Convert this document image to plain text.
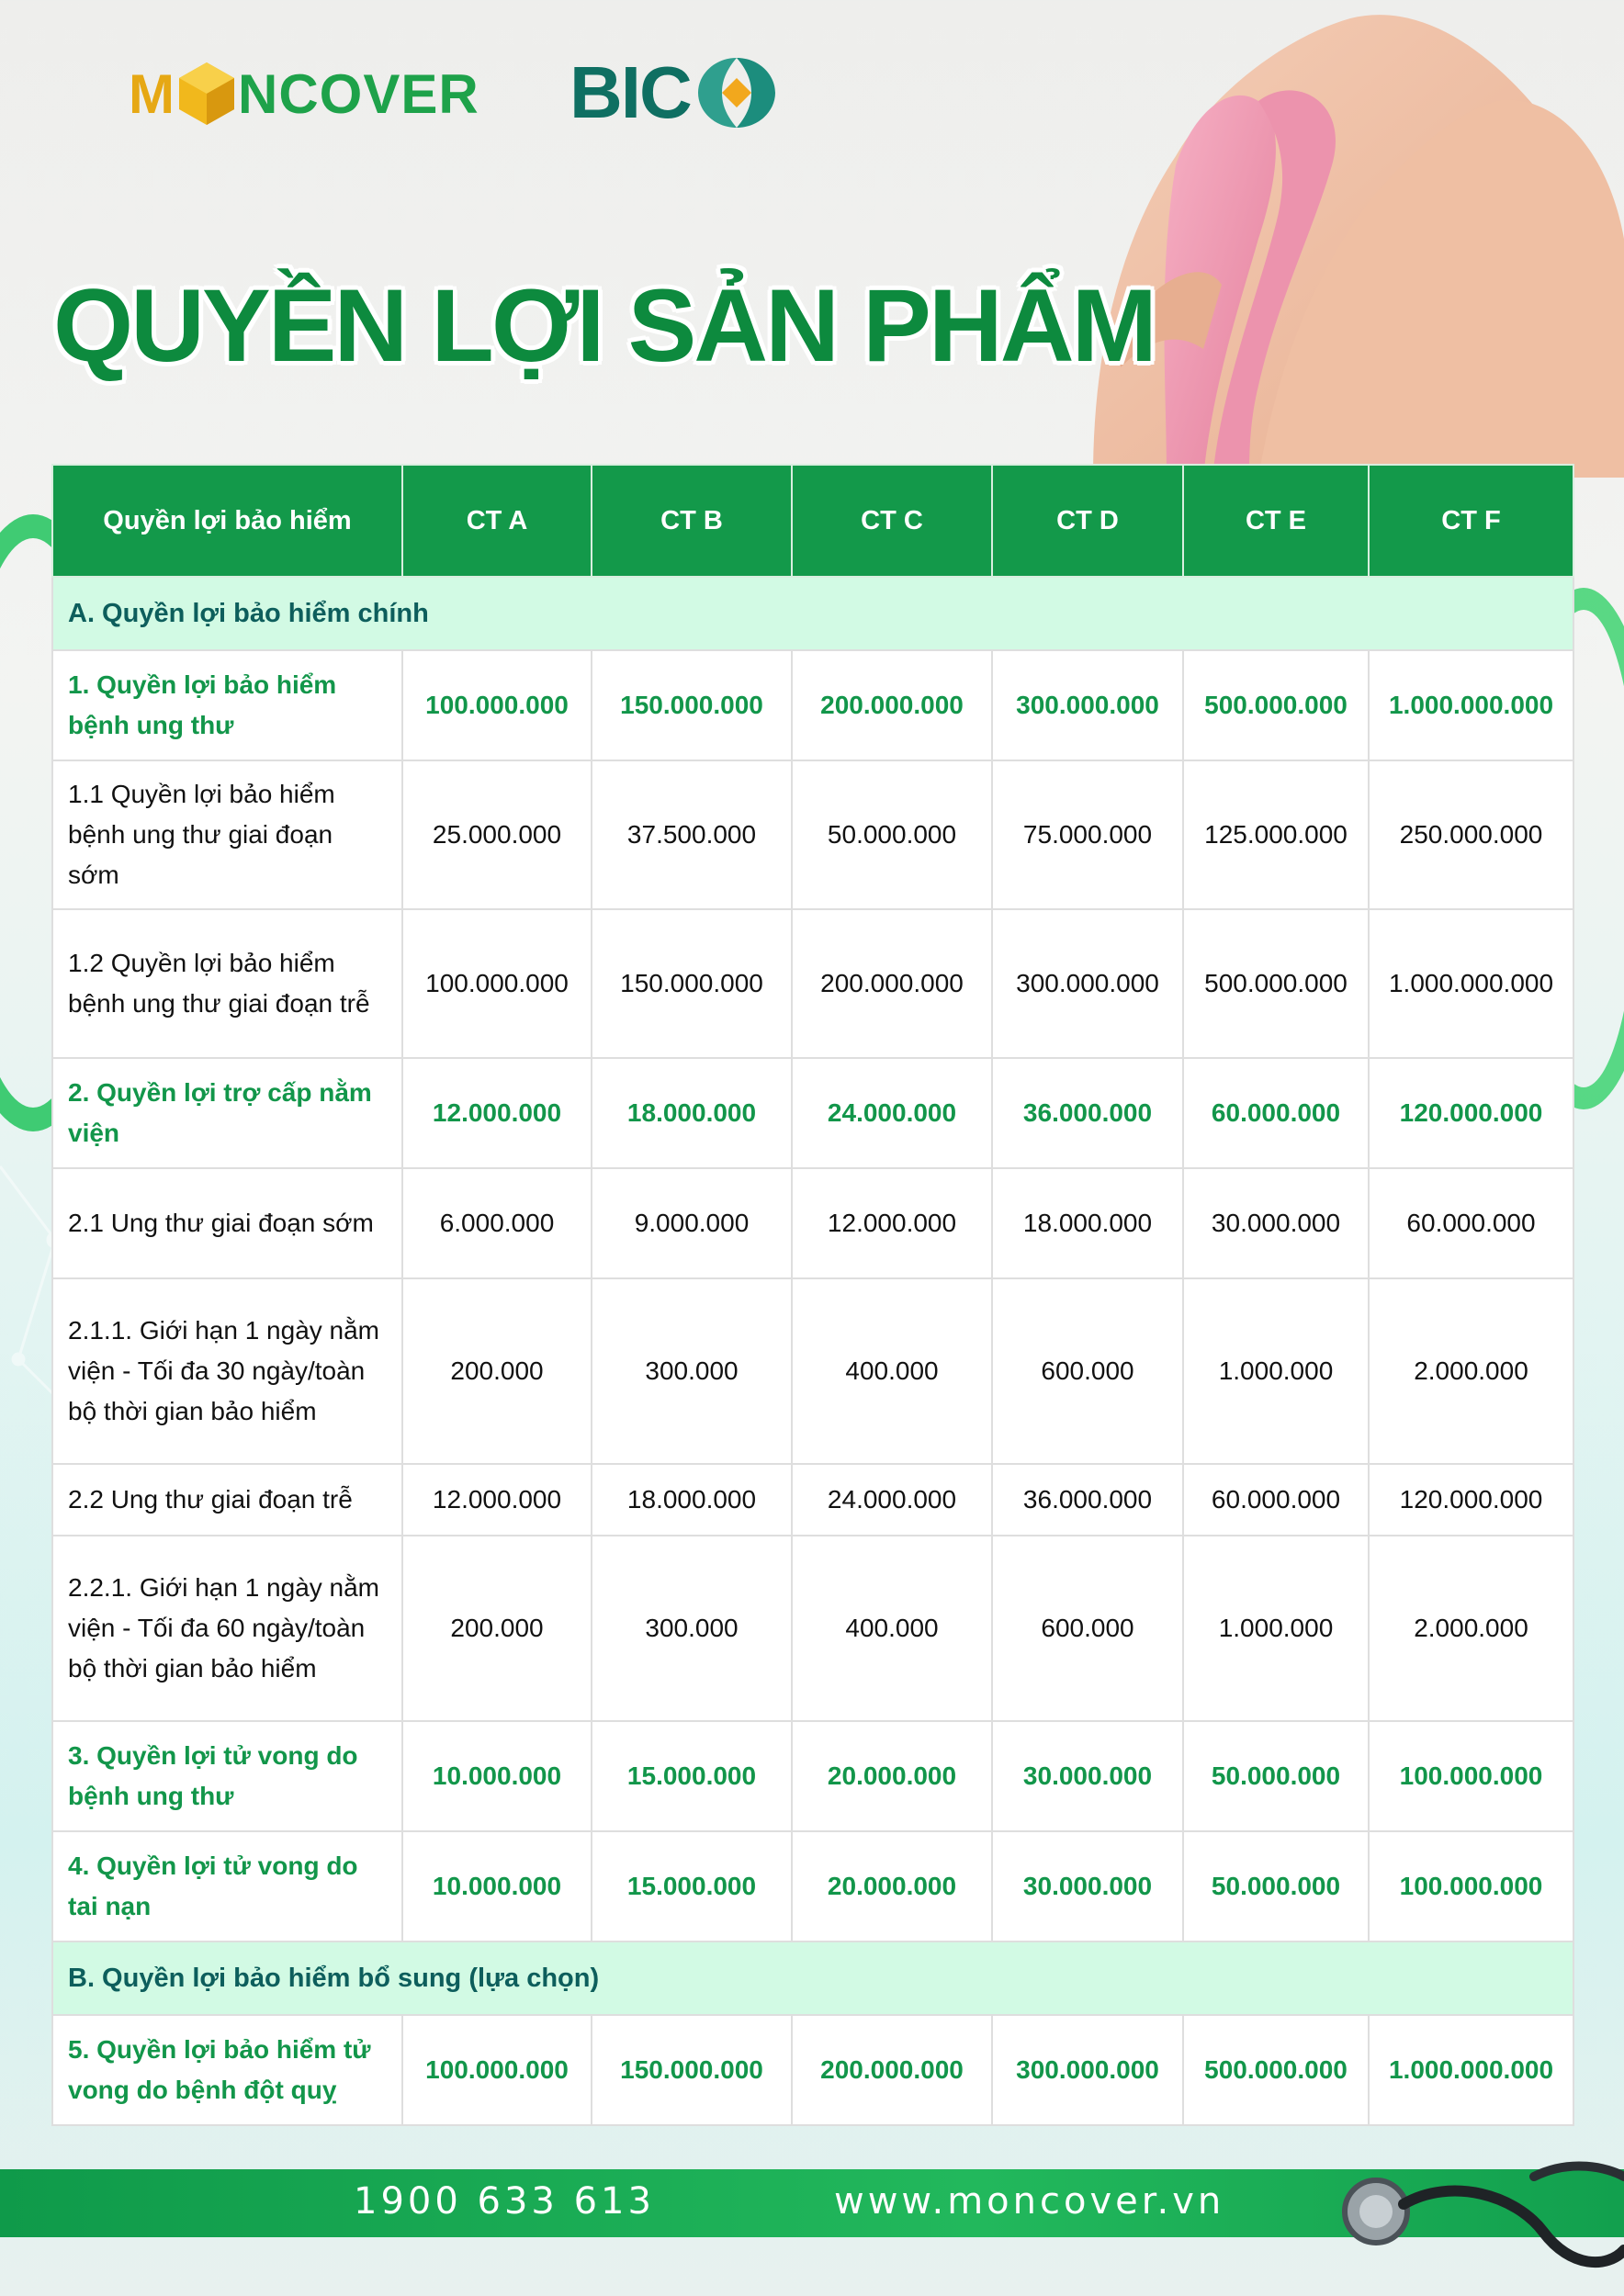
M NCOVER BIC
QUYỀN LỢI SẢN PHẨM
Quyền lợi bảo hiểm	CT A	CT B	CT C	CT D	CT E	CT F
A. Quyền lợi bảo hiểm chính						
1. Quyền lợi bảo hiểm bệnh ung thư	100.000.000	150.000.000	200.000.000	300.000.000	500.000.000	1.000.000.000
1.1 Quyền lợi bảo hiểm bệnh ung thư giai đoạn sớm	25.000.000	37.500.000	50.000.000	75.000.000	125.000.000	250.000.000
1.2 Quyền lợi bảo hiểm bệnh ung thư giai đoạn trễ	100.000.000	150.000.000	200.000.000	300.000.000	500.000.000	1.000.000.000
2. Quyền lợi trợ cấp nằm viện	12.000.000	18.000.000	24.000.000	36.000.000	60.000.000	120.000.000
2.1 Ung thư giai đoạn sớm	6.000.000	9.000.000	12.000.000	18.000.000	30.000.000	60.000.000
2.1.1. Giới hạn 1 ngày nằm viện - Tối đa 30 ngày/toàn bộ thời gian bảo hiểm	200.000	300.000	400.000	600.000	1.000.000	2.000.000
2.2 Ung thư giai đoạn trễ	12.000.000	18.000.000	24.000.000	36.000.000	60.000.000	120.000.000
2.2.1. Giới hạn 1 ngày nằm viện - Tối đa 60 ngày/toàn bộ thời gian bảo hiểm	200.000	300.000	400.000	600.000	1.000.000	2.000.000
3. Quyền lợi tử vong do bệnh ung thư	10.000.000	15.000.000	20.000.000	30.000.000	50.000.000	100.000.000
4. Quyền lợi tử vong do tai nạn	10.000.000	15.000.000	20.000.000	30.000.000	50.000.000	100.000.000
B. Quyền lợi bảo hiểm bổ sung (lựa chọn)						
5. Quyền lợi bảo hiểm tử vong do bệnh đột quỵ	100.000.000	150.000.000	200.000.000	300.000.000	500.000.000	1.000.000.000
1900 633 613	www.moncover.vn
